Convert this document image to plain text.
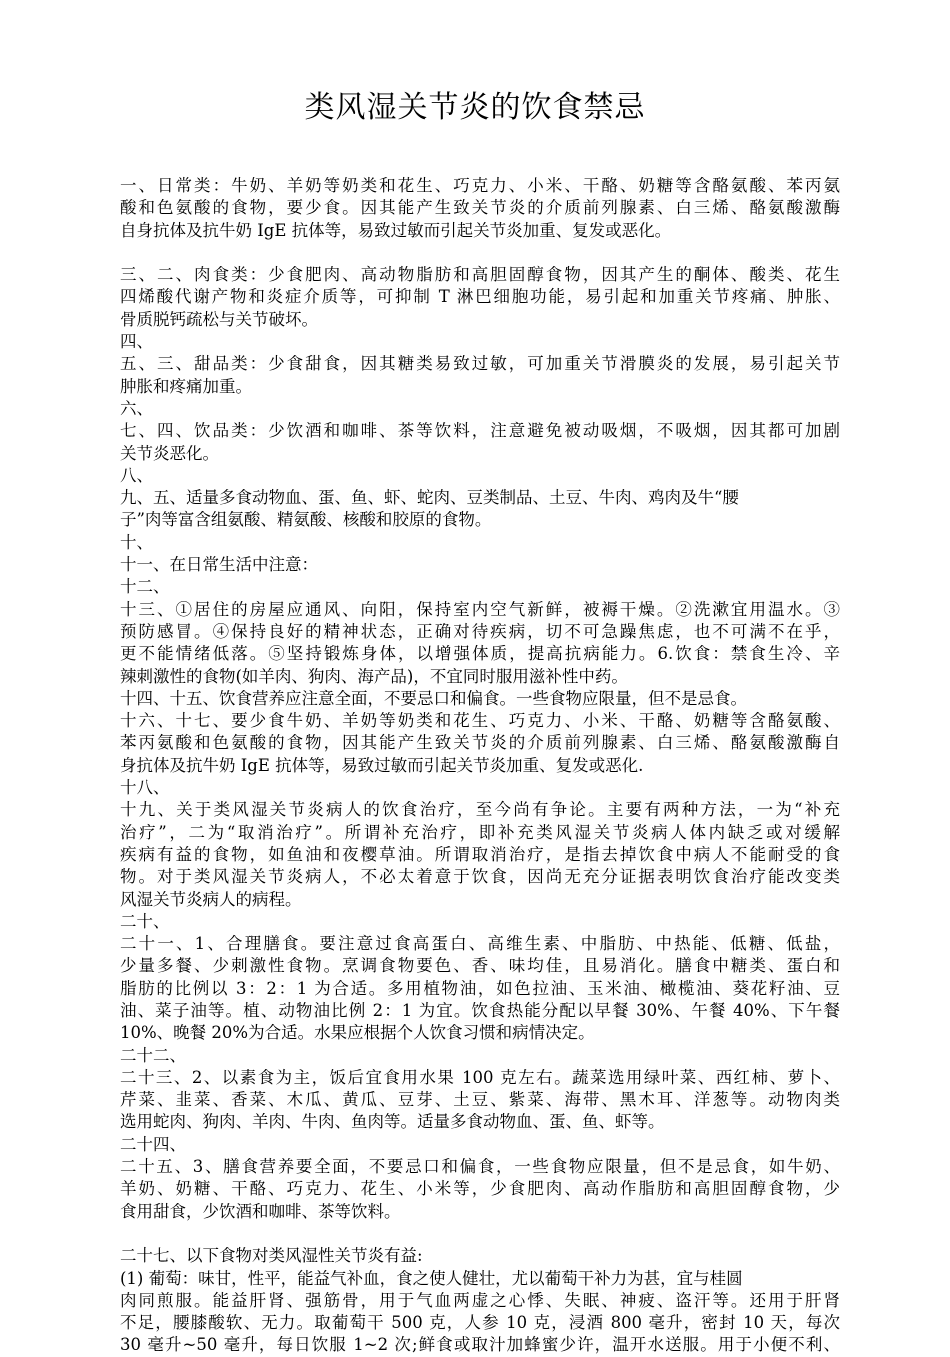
类风湿关节炎的饮食禁忌
一、日常类：牛奶、羊奶等奶类和花生、巧克力、小米、干酪、奶糖等含酪氨酸、苯丙氨
酸和色氨酸的食物，要少食。因其能产生致关节炎的介质前列腺素、白三烯、酪氨酸激酶
自身抗体及抗牛奶 IgE 抗体等，易致过敏而引起关节炎加重、复发或恶化。
三、二、肉食类：少食肥肉、高动物脂肪和高胆固醇食物，因其产生的酮体、酸类、花生
四烯酸代谢产物和炎症介质等，可抑制 T 淋巴细胞功能，易引起和加重关节疼痛、肿胀、
骨质脱钙疏松与关节破坏。
四、
五、三、甜品类：少食甜食，因其糖类易致过敏，可加重关节滑膜炎的发展，易引起关节
肿胀和疼痛加重。
六、
七、四、饮品类：少饮酒和咖啡、茶等饮料，注意避免被动吸烟，不吸烟，因其都可加剧
关节炎恶化。
八、
九、五、适量多食动物血、蛋、鱼、虾、蛇肉、豆类制品、土豆、牛肉、鸡肉及牛“腰
子”肉等富含组氨酸、精氨酸、核酸和胶原的食物。
十、
十一、在日常生活中注意：
十二、
十三、①居住的房屋应通风、向阳，保持室内空气新鲜，被褥干燥。②洗漱宜用温水。③
预防感冒。④保持良好的精神状态，正确对待疾病，切不可急躁焦虑，也不可满不在乎，
更不能情绪低落。⑤坚持锻炼身体，以增强体质，提高抗病能力。6.饮食：禁食生冷、辛
辣刺激性的食物(如羊肉、狗肉、海产品)，不宜同时服用滋补性中药。
十四、十五、饮食营养应注意全面，不要忌口和偏食。一些食物应限量，但不是忌食。
十六、十七、要少食牛奶、羊奶等奶类和花生、巧克力、小米、干酪、奶糖等含酪氨酸、
苯丙氨酸和色氨酸的食物，因其能产生致关节炎的介质前列腺素、白三烯、酪氨酸激酶自
身抗体及抗牛奶 IgE 抗体等，易致过敏而引起关节炎加重、复发或恶化.
十八、
十九、关于类风湿关节炎病人的饮食治疗，至今尚有争论。主要有两种方法，一为“补充
治疗”，二为“取消治疗”。所谓补充治疗，即补充类风湿关节炎病人体内缺乏或对缓解
疾病有益的食物，如鱼油和夜樱草油。所谓取消治疗，是指去掉饮食中病人不能耐受的食
物。对于类风湿关节炎病人，不必太着意于饮食，因尚无充分证据表明饮食治疗能改变类
风湿关节炎病人的病程。
二十、
二十一、1、合理膳食。要注意过食高蛋白、高维生素、中脂肪、中热能、低糖、低盐，
少量多餐、少刺激性食物。烹调食物要色、香、味均佳，且易消化。膳食中糖类、蛋白和
脂肪的比例以 3：2：1 为合适。多用植物油，如色拉油、玉米油、橄榄油、葵花籽油、豆
油、菜子油等。植、动物油比例 2：1 为宜。饮食热能分配以早餐 30%、午餐 40%、下午餐
10%、晚餐 20%为合适。水果应根据个人饮食习惯和病情决定。
二十二、
二十三、2、以素食为主，饭后宜食用水果 100 克左右。蔬菜选用绿叶菜、西红柿、萝卜、
芹菜、韭菜、香菜、木瓜、黄瓜、豆芽、土豆、紫菜、海带、黑木耳、洋葱等。动物肉类
选用蛇肉、狗肉、羊肉、牛肉、鱼肉等。适量多食动物血、蛋、鱼、虾等。
二十四、
二十五、3、膳食营养要全面，不要忌口和偏食，一些食物应限量，但不是忌食，如牛奶、
羊奶、奶糖、干酪、巧克力、花生、小米等，少食肥肉、高动作脂肪和高胆固醇食物，少
食用甜食，少饮酒和咖啡、茶等饮料。
二十七、以下食物对类风湿性关节炎有益:
(1) 葡萄：味甘，性平，能益气补血，食之使人健壮，尤以葡萄干补力为甚，宜与桂圆
肉同煎服。能益肝肾、强筋骨，用于气血两虚之心悸、失眠、神疲、盗汗等。还用于肝肾
不足，腰膝酸软、无力。取葡萄干 500 克，人参 10 克，浸酒 800 毫升，密封 10 天，每次
30 毫升~50 毫升，每日饮服 1~2 次;鲜食或取汁加蜂蜜少许，温开水送服。用于小便不利、
